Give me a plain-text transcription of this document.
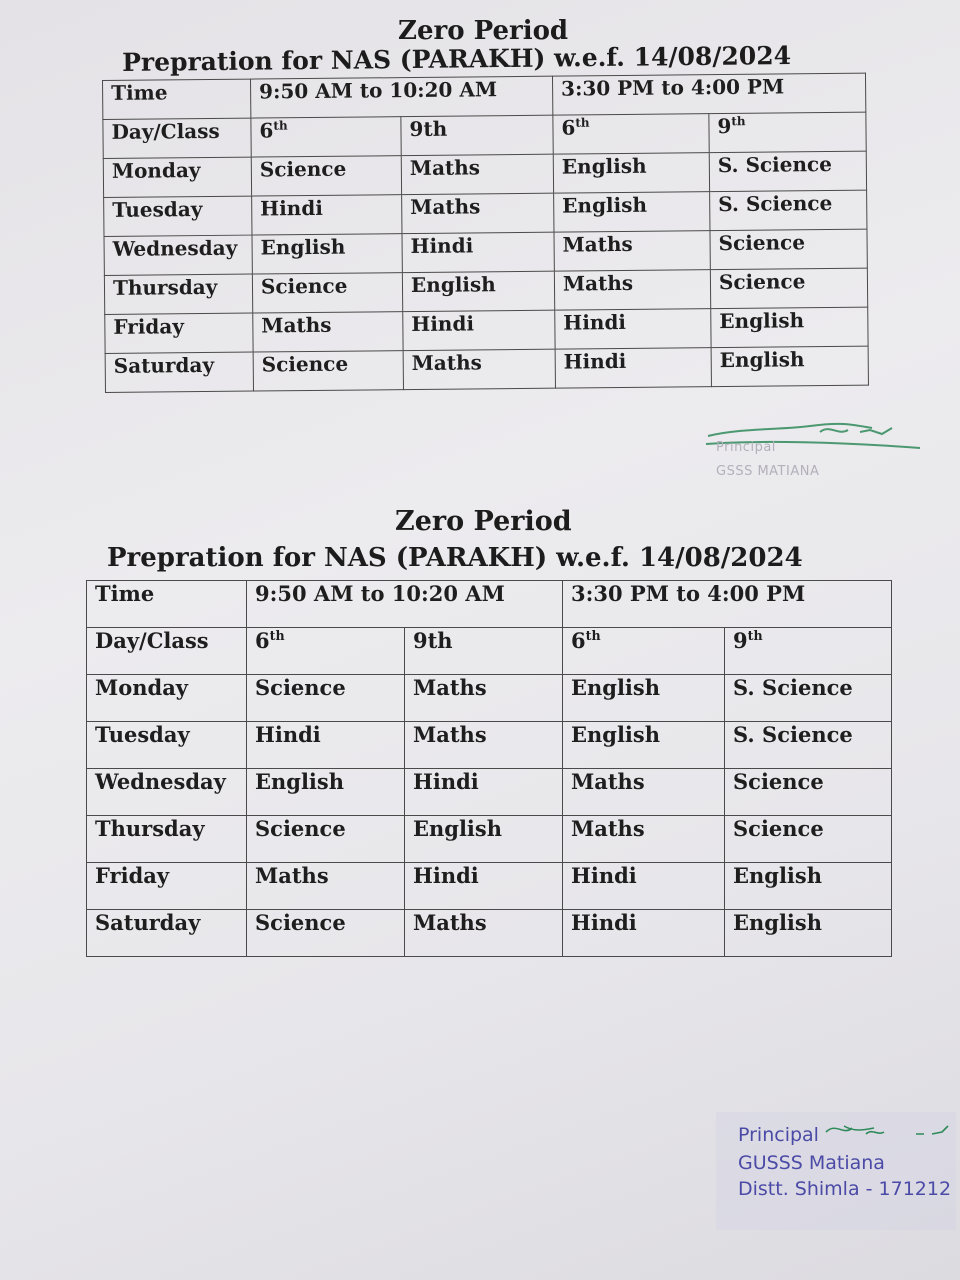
Zero Period
Prepration for NAS (PARAKH) w.e.f. 14/08/2024
Time	9:50 AM to 10:20 AM		3:30 PM to 4:00 PM	
Day/Class	6th	9th	6th	9th
Monday	Science	Maths	English	S. Science
Tuesday	Hindi	Maths	English	S. Science
Wednesday	English	Hindi	Maths	Science
Thursday	Science	English	Maths	Science
Friday	Maths	Hindi	Hindi	English
Saturday	Science	Maths	Hindi	English
Principal
GSSS MATIANA
Zero Period
Prepration for NAS (PARAKH) w.e.f. 14/08/2024
Time	9:50 AM to 10:20 AM		3:30 PM to 4:00 PM	
Day/Class	6th	9th	6th	9th
Monday	Science	Maths	English	S. Science
Tuesday	Hindi	Maths	English	S. Science
Wednesday	English	Hindi	Maths	Science
Thursday	Science	English	Maths	Science
Friday	Maths	Hindi	Hindi	English
Saturday	Science	Maths	Hindi	English
Principal
GUSSS Matiana
Distt. Shimla - 171212
